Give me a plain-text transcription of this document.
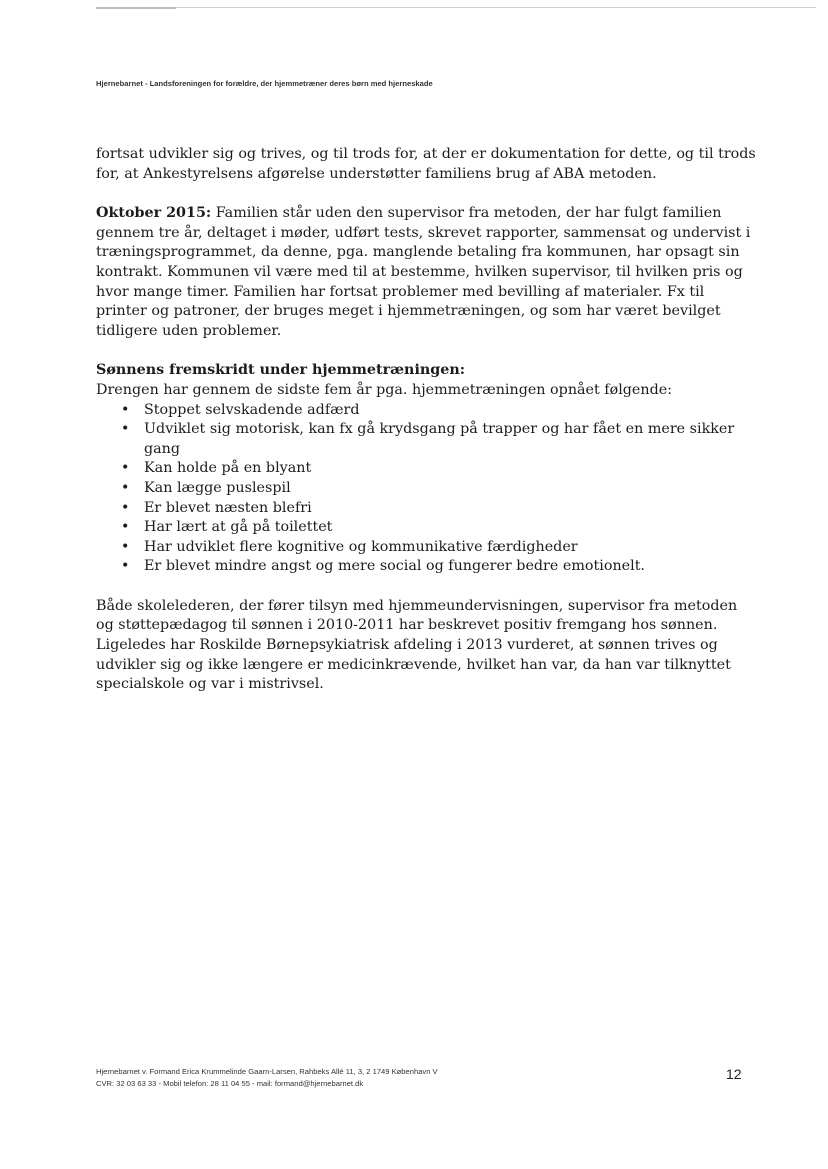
Hjernebarnet - Landsforeningen for forældre, der hjemmetræner deres børn med hjerneskade

fortsat udvikler sig og trives, og til trods for, at der er dokumentation for dette, og til trods for, at Ankestyrelsens afgørelse understøtter familiens brug af ABA metoden.

Oktober 2015: Familien står uden den supervisor fra metoden, der har fulgt familien gennem tre år, deltaget i møder, udført tests, skrevet rapporter, sammensat og undervist i træningsprogrammet, da denne, pga. manglende betaling fra kommunen, har opsagt sin kontrakt. Kommunen vil være med til at bestemme, hvilken supervisor, til hvilken pris og hvor mange timer. Familien har fortsat problemer med bevilling af materialer. Fx til printer og patroner, der bruges meget i hjemmetræningen, og som har været bevilget tidligere uden problemer.

Sønnens fremskridt under hjemmetræningen:

Drengen har gennem de sidste fem år pga. hjemmetræningen opnået følgende:

• Stoppet selvskadende adfærd
• Udviklet sig motorisk, kan fx gå krydsgang på trapper og har fået en mere sikker gang
• Kan holde på en blyant
• Kan lægge puslespil
• Er blevet næsten blefri
• Har lært at gå på toilettet
• Har udviklet flere kognitive og kommunikative færdigheder
• Er blevet mindre angst og mere social og fungerer bedre emotionelt.

Både skolelederen, der fører tilsyn med hjemmeundervisningen, supervisor fra metoden og støttepædagog til sønnen i 2010-2011 har beskrevet positiv fremgang hos sønnen. Ligeledes har Roskilde Børnepsykiatrisk afdeling i 2013 vurderet, at sønnen trives og udvikler sig og ikke længere er medicinkrævende, hvilket han var, da han var tilknyttet specialskole og var i mistrivsel.

Hjernebarnet v. Formand Erica Krummelinde Gaarn-Larsen, Rahbeks Allé 11, 3, 2 1749 København V
CVR: 32 03 63 33 - Mobil telefon: 28 11 04 55 - mail: formand@hjernebarnet.dk
12
